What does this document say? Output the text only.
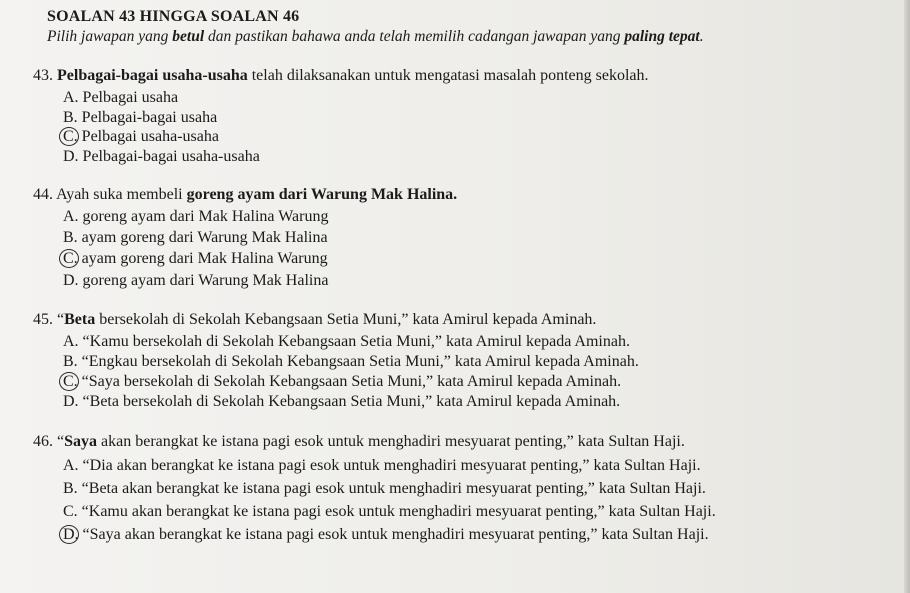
SOALAN 43 HINGGA SOALAN 46
Pilih jawapan yang betul dan pastikan bahawa anda telah memilih cadangan jawapan yang paling tepat.
43. Pelbagai-bagai usaha-usaha telah dilaksanakan untuk mengatasi masalah ponteng sekolah.
A. Pelbagai usaha
B. Pelbagai-bagai usaha
C. Pelbagai usaha-usaha
D. Pelbagai-bagai usaha-usaha
44. Ayah suka membeli goreng ayam dari Warung Mak Halina.
A. goreng ayam dari Mak Halina Warung
B. ayam goreng dari Warung Mak Halina
C. ayam goreng dari Mak Halina Warung
D. goreng ayam dari Warung Mak Halina
45. “Beta bersekolah di Sekolah Kebangsaan Setia Muni,” kata Amirul kepada Aminah.
A. “Kamu bersekolah di Sekolah Kebangsaan Setia Muni,” kata Amirul kepada Aminah.
B. “Engkau bersekolah di Sekolah Kebangsaan Setia Muni,” kata Amirul kepada Aminah.
C. “Saya bersekolah di Sekolah Kebangsaan Setia Muni,” kata Amirul kepada Aminah.
D. “Beta bersekolah di Sekolah Kebangsaan Setia Muni,” kata Amirul kepada Aminah.
46. “Saya akan berangkat ke istana pagi esok untuk menghadiri mesyuarat penting,” kata Sultan Haji.
A. “Dia akan berangkat ke istana pagi esok untuk menghadiri mesyuarat penting,” kata Sultan Haji.
B. “Beta akan berangkat ke istana pagi esok untuk menghadiri mesyuarat penting,” kata Sultan Haji.
C. “Kamu akan berangkat ke istana pagi esok untuk menghadiri mesyuarat penting,” kata Sultan Haji.
D. “Saya akan berangkat ke istana pagi esok untuk menghadiri mesyuarat penting,” kata Sultan Haji.
